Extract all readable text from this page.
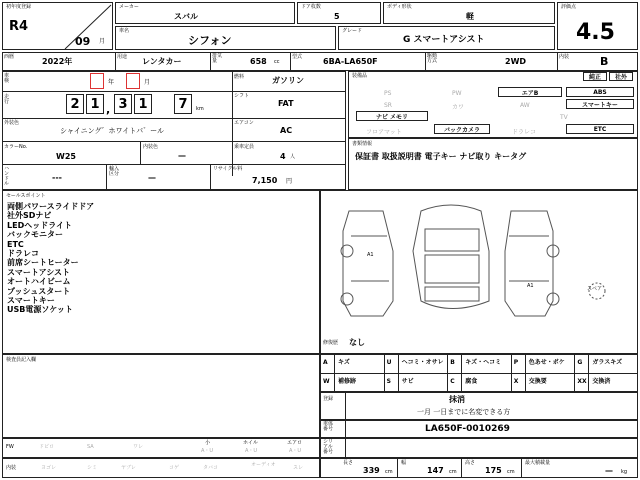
初年度登録
R4
09 月
メーカー
スバル
ドア枚数
5
ボディ形状
軽
評価点
4.5
車名
シフォン
グレード
G スマートアシスト
西暦	2022年	用途 レンタカー
排気量	658 cc
型式	6BA-LA650F
駆動方式	2WD	内装	B
車検	年	月
燃料	ガソリン
走行	2 1 , 3 1	7	km
シフト
FAT
外装色
シャイニング゛ホワイトパ゛ール
エアコン
AC
カラーNo.
W25
内装色
—
乗車定員
4 人
ハンドル
---
輸入区分	—
リサイクル料
7,150 円
装備品	純正	社外
PS	PW	エアB	ABS
SR	カワ	AW	スマートキー
ナビ メモリ	TV
フロアマット	バックカメラ	ドラレコ	ETC
書類情報
保証書 取扱説明書 電子キー ナビ取り キータグ
セールスポイント
両側パワースライドドア
社外SDナビ
LEDヘッドライト
バックモニター
ETC
ドラレコ
前席シートヒーター
スマートアシスト
オートハイビーム
プッシュスタート
スマートキー
USB電源ソケット
A1
A1	スペア
修復歴 なし
検査員記入欄	A キズ	U ヘコミ・オサレ B キズ・ヘコミ P 色あせ・ボケ G ガラスキズ
W 補修跡	S サビ	C 腐食	X 交換要	XX 交換済
登録	抹消
一月 一日までに名変できる方
車体番号	LA650F-0010269
FW	ドビロ	SA	ワレ
小
A・U
ホイル
A・U
エアロ
A・U
内装	ヨゴレ	シミ	ヤブレ	コゲ	タバコ	オーディオ	スレ
シリアル番号
長さ
339 cm
幅
147 cm
高さ
175 cm
最大積載量
— kg
